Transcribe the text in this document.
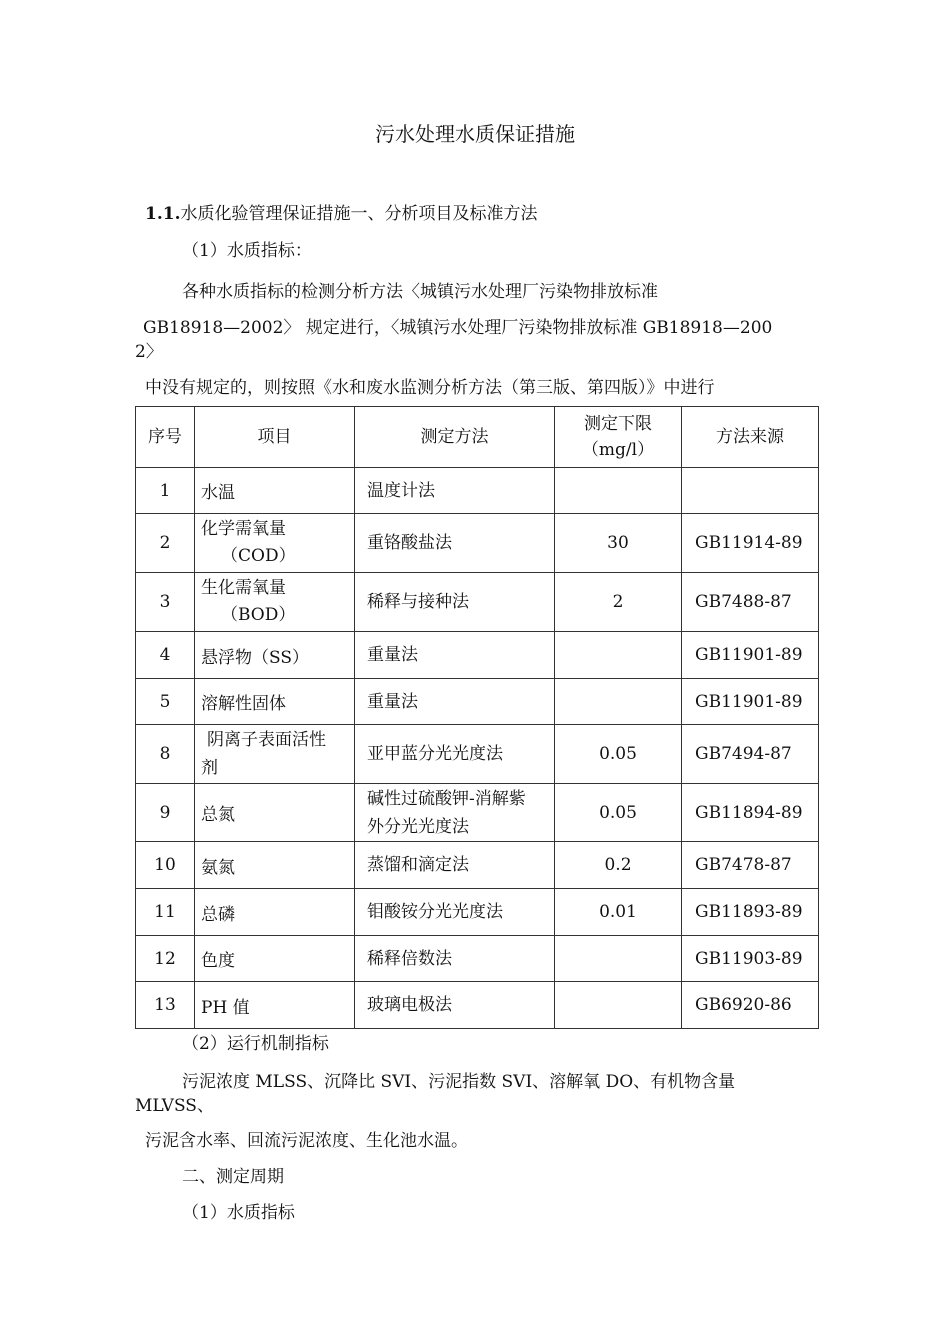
污水处理水质保证措施
1.1.水质化验管理保证措施一、分析项目及标准方法
（1）水质指标：
各种水质指标的检测分析方法〈城镇污水处理厂污染物排放标准
GB18918—2002〉 规定进行，〈城镇污水处理厂污染物排放标准 GB18918—200
2〉
中没有规定的，则按照《水和废水监测分析方法（第三版、第四版）》中进行
序号	项目	测定方法	测定下限
（mg/l）	方法来源
1	水温	温度计法		
2	化学需氧量
（COD）	重铬酸盐法	30	GB11914-89
3	生化需氧量
（BOD）	稀释与接种法	2	GB7488-87
4	悬浮物（SS）	重量法		GB11901-89
5	溶解性固体	重量法		GB11901-89
8	阴离子表面活性
剂	亚甲蓝分光光度法	0.05	GB7494-87
9	总氮	碱性过硫酸钾-消解紫
外分光光度法	0.05	GB11894-89
10	氨氮	蒸馏和滴定法	0.2	GB7478-87
11	总磷	钼酸铵分光光度法	0.01	GB11893-89
12	色度	稀释倍数法		GB11903-89
13	PH 值	玻璃电极法		GB6920-86
（2）运行机制指标
污泥浓度 MLSS、沉降比 SVI、污泥指数 SVI、溶解氧 DO、有机物含量
MLVSS、
污泥含水率、回流污泥浓度、生化池水温。
二、测定周期
（1）水质指标
